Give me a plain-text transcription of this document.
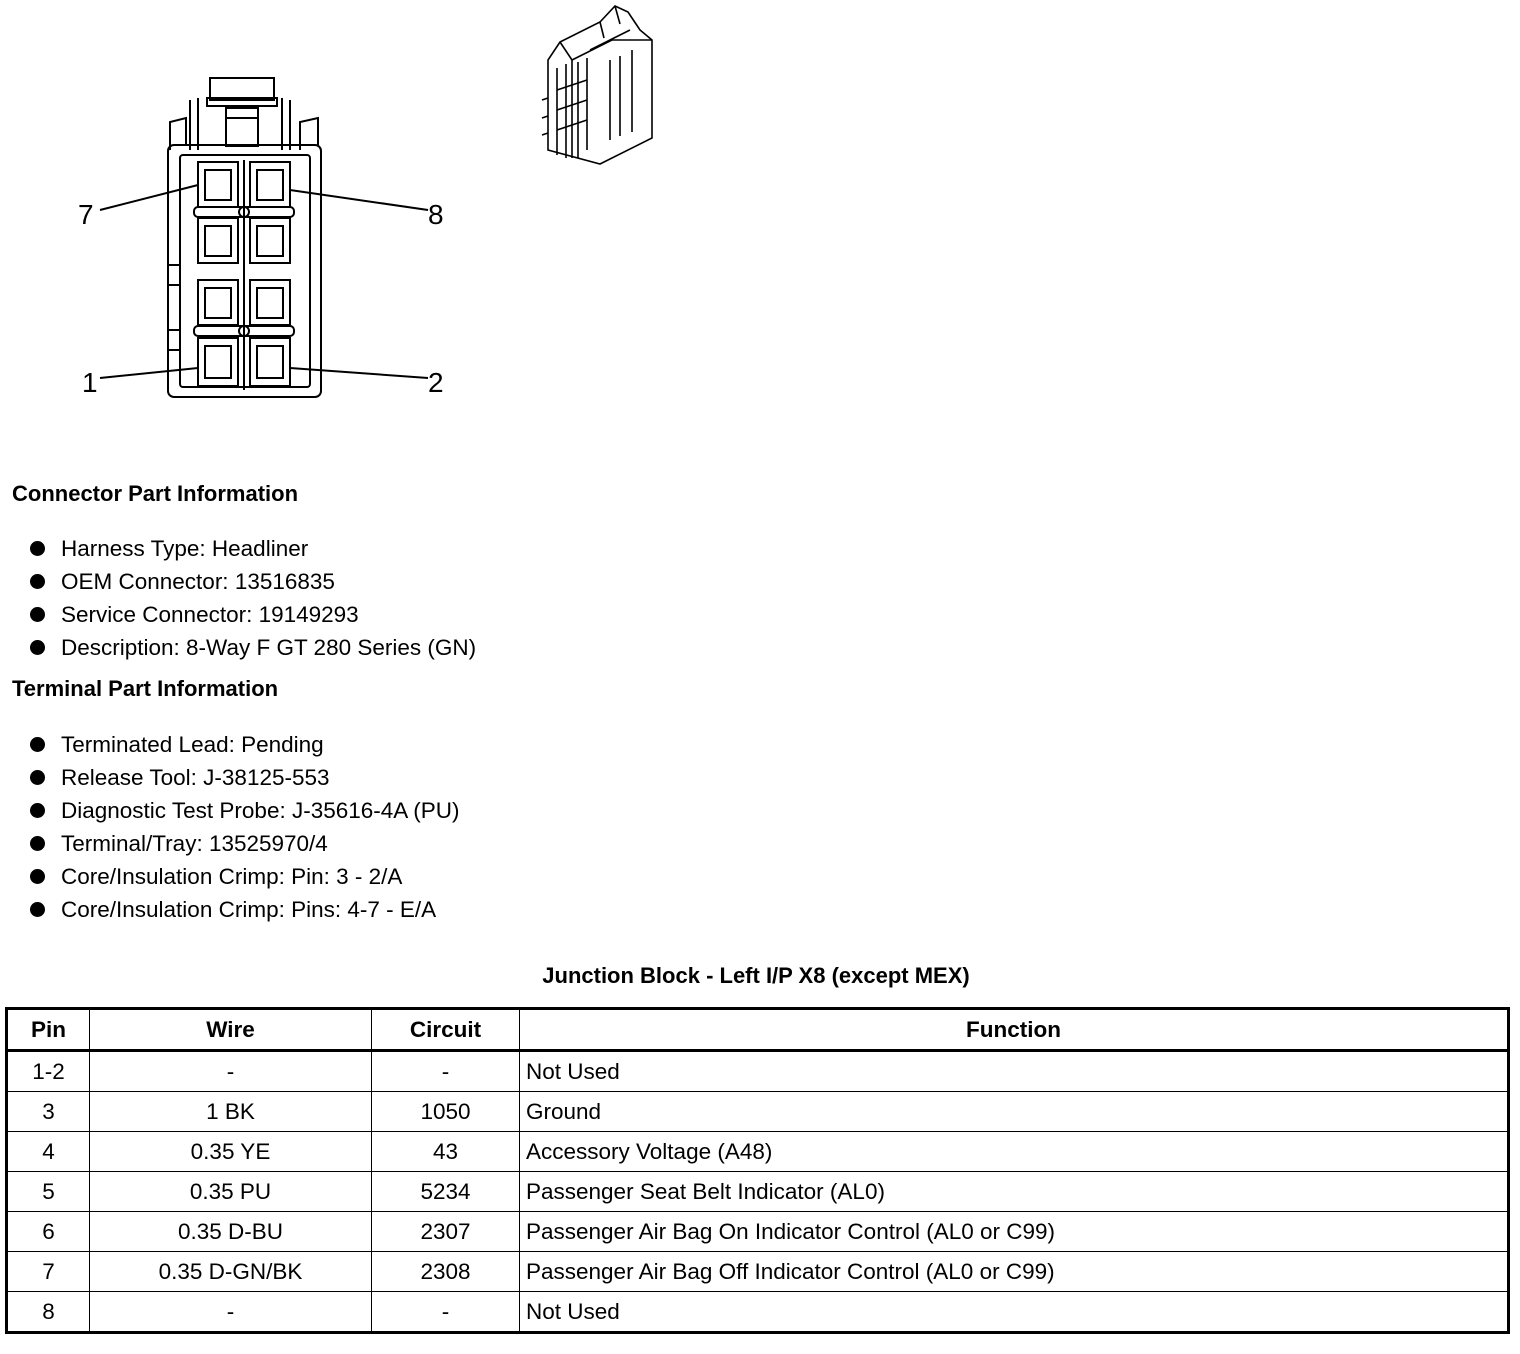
7	8
1	2
Connector Part Information
Harness Type: Headliner
OEM Connector: 13516835
Service Connector: 19149293
Description: 8-Way F GT 280 Series (GN)
Terminal Part Information
Terminated Lead: Pending
Release Tool: J-38125-553
Diagnostic Test Probe: J-35616-4A (PU)
Terminal/Tray: 13525970/4
Core/Insulation Crimp: Pin: 3 - 2/A
Core/Insulation Crimp: Pins: 4-7 - E/A
Junction Block - Left I/P X8 (except MEX)
Pin	Wire	Circuit	Function
1-2	-	-	Not Used
3	1 BK	1050	Ground
4	0.35 YE	43	Accessory Voltage (A48)
5	0.35 PU	5234	Passenger Seat Belt Indicator (AL0)
6	0.35 D-BU	2307	Passenger Air Bag On Indicator Control (AL0 or C99)
7	0.35 D-GN/BK	2308	Passenger Air Bag Off Indicator Control (AL0 or C99)
8	-	-	Not Used
